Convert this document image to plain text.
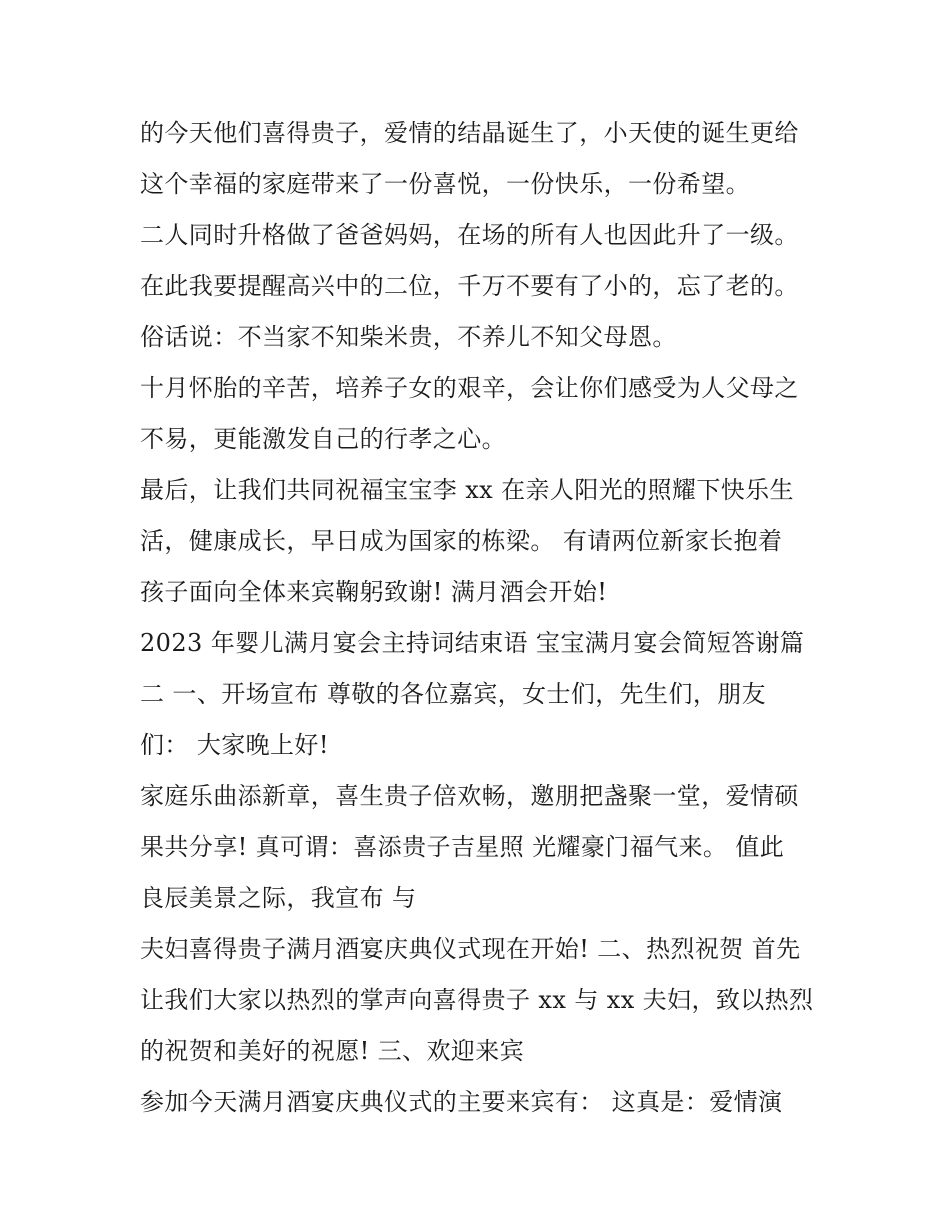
的今天他们喜得贵子，爱情的结晶诞生了，小天使的诞生更给
这个幸福的家庭带来了一份喜悦，一份快乐，一份希望。
二人同时升格做了爸爸妈妈，在场的所有人也因此升了一级。
在此我要提醒高兴中的二位，千万不要有了小的，忘了老的。
俗话说：不当家不知柴米贵，不养儿不知父母恩。
十月怀胎的辛苦，培养子女的艰辛，会让你们感受为人父母之
不易，更能激发自己的行孝之心。
最后，让我们共同祝福宝宝李 xx 在亲人阳光的照耀下快乐生
活，健康成长，早日成为国家的栋梁。 有请两位新家长抱着
孩子面向全体来宾鞠躬致谢! 满月酒会开始!
2023 年婴儿满月宴会主持词结束语 宝宝满月宴会简短答谢篇
二 一、开场宣布 尊敬的各位嘉宾，女士们，先生们，朋友
们： 大家晚上好!
家庭乐曲添新章，喜生贵子倍欢畅，邀朋把盏聚一堂，爱情硕
果共分享! 真可谓：喜添贵子吉星照 光耀豪门福气来。 值此
良辰美景之际，我宣布 与
夫妇喜得贵子满月酒宴庆典仪式现在开始! 二、热烈祝贺 首先
让我们大家以热烈的掌声向喜得贵子 xx 与 xx 夫妇，致以热烈
的祝贺和美好的祝愿! 三、欢迎来宾
参加今天满月酒宴庆典仪式的主要来宾有： 这真是：爱情演
